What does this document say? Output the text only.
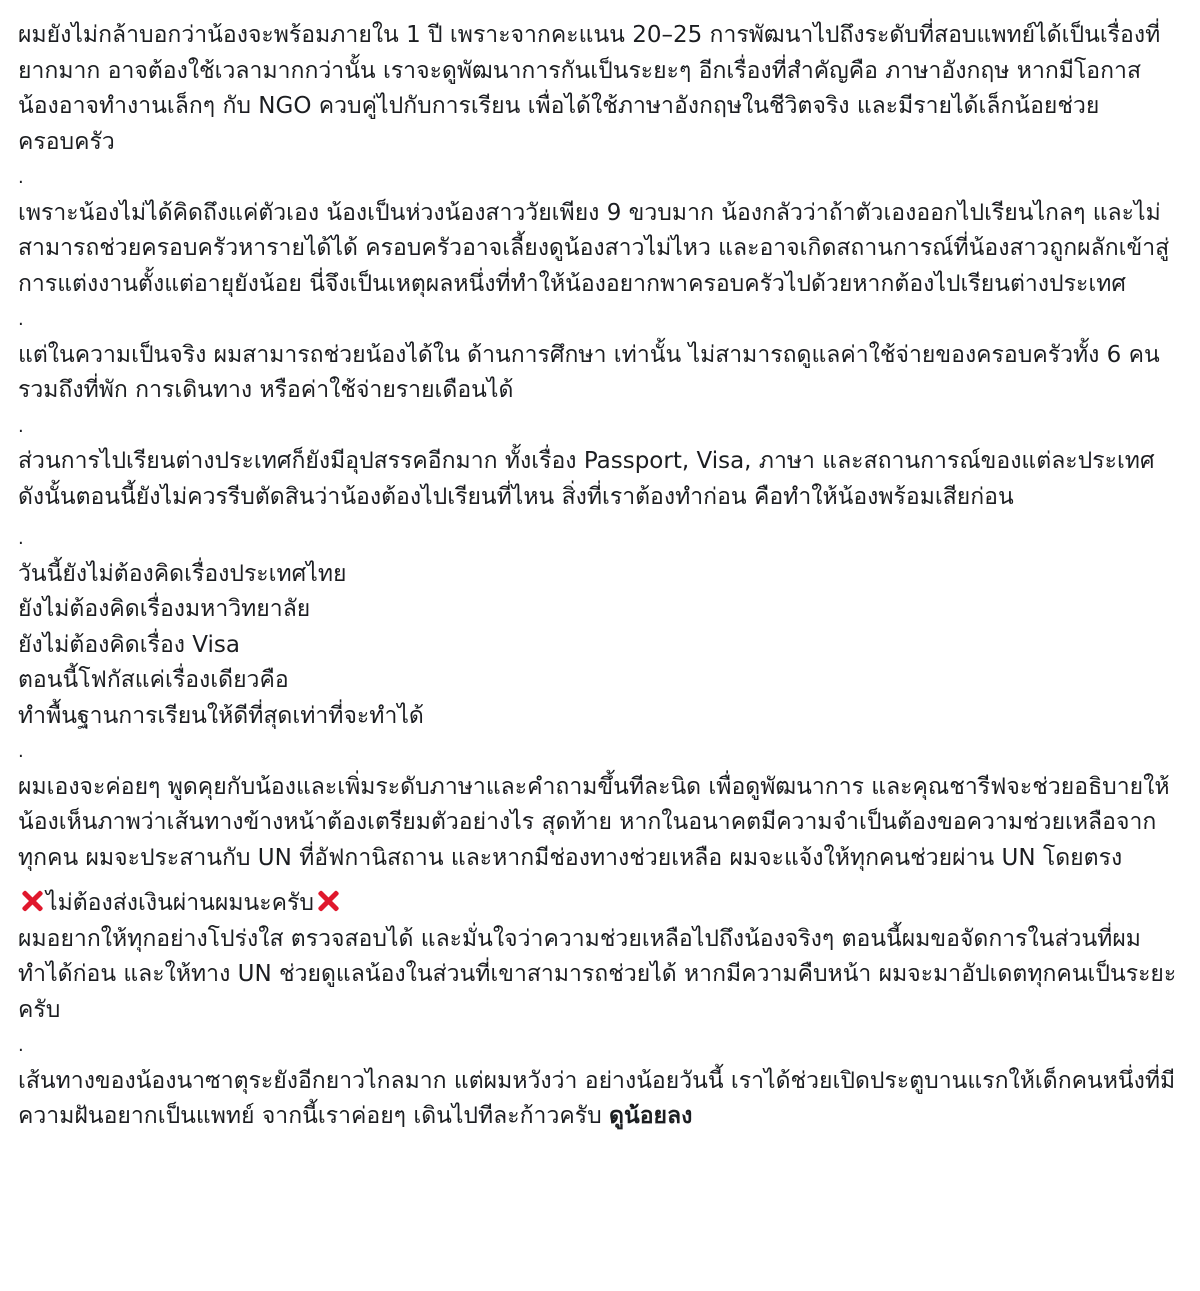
ผมยังไม่กล้าบอกว่าน้องจะพร้อมภายใน 1 ปี เพราะจากคะแนน 20–25 การพัฒนาไปถึงระดับที่สอบแพทย์ได้เป็นเรื่องที่ยากมาก อาจต้องใช้เวลามากกว่านั้น เราจะดูพัฒนาการกันเป็นระยะๆ อีกเรื่องที่สำคัญคือ ภาษาอังกฤษ หากมีโอกาส น้องอาจทำงานเล็กๆ กับ NGO ควบคู่ไปกับการเรียน เพื่อได้ใช้ภาษาอังกฤษในชีวิตจริง และมีรายได้เล็กน้อยช่วยครอบครัว

.

เพราะน้องไม่ได้คิดถึงแค่ตัวเอง น้องเป็นห่วงน้องสาววัยเพียง 9 ขวบมาก น้องกลัวว่าถ้าตัวเองออกไปเรียนไกลๆ และไม่สามารถช่วยครอบครัวหารายได้ได้ ครอบครัวอาจเลี้ยงดูน้องสาวไม่ไหว และอาจเกิดสถานการณ์ที่น้องสาวถูกผลักเข้าสู่การแต่งงานตั้งแต่อายุยังน้อย นี่จึงเป็นเหตุผลหนึ่งที่ทำให้น้องอยากพาครอบครัวไปด้วยหากต้องไปเรียนต่างประเทศ

.

แต่ในความเป็นจริง ผมสามารถช่วยน้องได้ใน ด้านการศึกษา เท่านั้น ไม่สามารถดูแลค่าใช้จ่ายของครอบครัวทั้ง 6 คน รวมถึงที่พัก การเดินทาง หรือค่าใช้จ่ายรายเดือนได้

.

ส่วนการไปเรียนต่างประเทศก็ยังมีอุปสรรคอีกมาก ทั้งเรื่อง Passport, Visa, ภาษา และสถานการณ์ของแต่ละประเทศ ดังนั้นตอนนี้ยังไม่ควรรีบตัดสินว่าน้องต้องไปเรียนที่ไหน สิ่งที่เราต้องทำก่อน คือทำให้น้องพร้อมเสียก่อน

.

วันนี้ยังไม่ต้องคิดเรื่องประเทศไทย
ยังไม่ต้องคิดเรื่องมหาวิทยาลัย
ยังไม่ต้องคิดเรื่อง Visa
ตอนนี้โฟกัสแค่เรื่องเดียวคือ
ทำพื้นฐานการเรียนให้ดีที่สุดเท่าที่จะทำได้

.

ผมเองจะค่อยๆ พูดคุยกับน้องและเพิ่มระดับภาษาและคำถามขึ้นทีละนิด เพื่อดูพัฒนาการ และคุณชารีฟจะช่วยอธิบายให้น้องเห็นภาพว่าเส้นทางข้างหน้าต้องเตรียมตัวอย่างไร สุดท้าย หากในอนาคตมีความจำเป็นต้องขอความช่วยเหลือจากทุกคน ผมจะประสานกับ UN ที่อัฟกานิสถาน และหากมีช่องทางช่วยเหลือ ผมจะแจ้งให้ทุกคนช่วยผ่าน UN โดยตรง

ไม่ต้องส่งเงินผ่านผมนะครับ

ผมอยากให้ทุกอย่างโปร่งใส ตรวจสอบได้ และมั่นใจว่าความช่วยเหลือไปถึงน้องจริงๆ ตอนนี้ผมขอจัดการในส่วนที่ผมทำได้ก่อน และให้ทาง UN ช่วยดูแลน้องในส่วนที่เขาสามารถช่วยได้ หากมีความคืบหน้า ผมจะมาอัปเดตทุกคนเป็นระยะครับ

.

เส้นทางของน้องนาซาตุระยังอีกยาวไกลมาก แต่ผมหวังว่า อย่างน้อยวันนี้ เราได้ช่วยเปิดประตูบานแรกให้เด็กคนหนึ่งที่มีความฝันอยากเป็นแพทย์ จากนี้เราค่อยๆ เดินไปทีละก้าวครับ ดูน้อยลง
